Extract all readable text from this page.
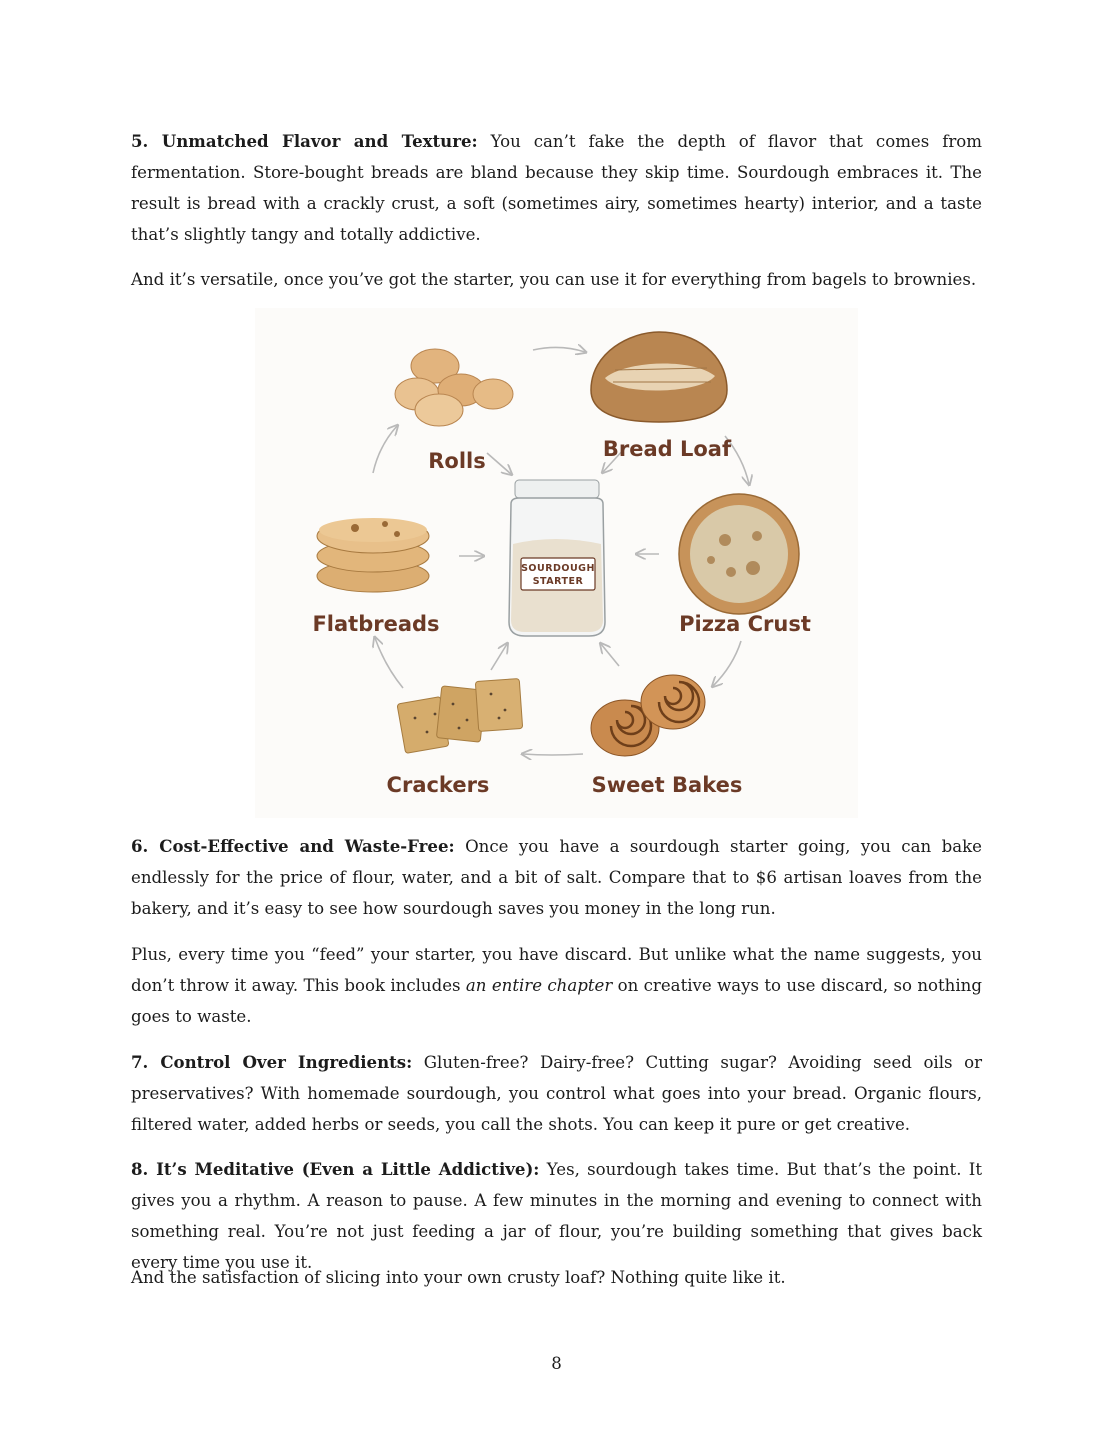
5. Unmatched Flavor and Texture: You can’t fake the depth of flavor that comes from fermentation. Store-bought breads are bland because they skip time. Sourdough embraces it. The result is bread with a crackly crust, a soft (sometimes airy, sometimes hearty) interior, and a taste that’s slightly tangy and totally addictive.

And it’s versatile, once you’ve got the starter, you can use it for everything from bagels to brownies.

Rolls	Bread Loaf
Pizza Crust
Sweet Bakes
Crackers
Flatbreads
SOURDOUGH
STARTER

6. Cost-Effective and Waste-Free: Once you have a sourdough starter going, you can bake endlessly for the price of flour, water, and a bit of salt. Compare that to $6 artisan loaves from the bakery, and it’s easy to see how sourdough saves you money in the long run.

Plus, every time you “feed” your starter, you have discard. But unlike what the name suggests, you don’t throw it away. This book includes an entire chapter on creative ways to use discard, so nothing goes to waste.

7. Control Over Ingredients: Gluten-free? Dairy-free? Cutting sugar? Avoiding seed oils or preservatives? With homemade sourdough, you control what goes into your bread. Organic flours, filtered water, added herbs or seeds, you call the shots. You can keep it pure or get creative.

8. It’s Meditative (Even a Little Addictive): Yes, sourdough takes time. But that’s the point. It gives you a rhythm. A reason to pause. A few minutes in the morning and evening to connect with something real. You’re not just feeding a jar of flour, you’re building something that gives back every time you use it.

And the satisfaction of slicing into your own crusty loaf? Nothing quite like it.

8
